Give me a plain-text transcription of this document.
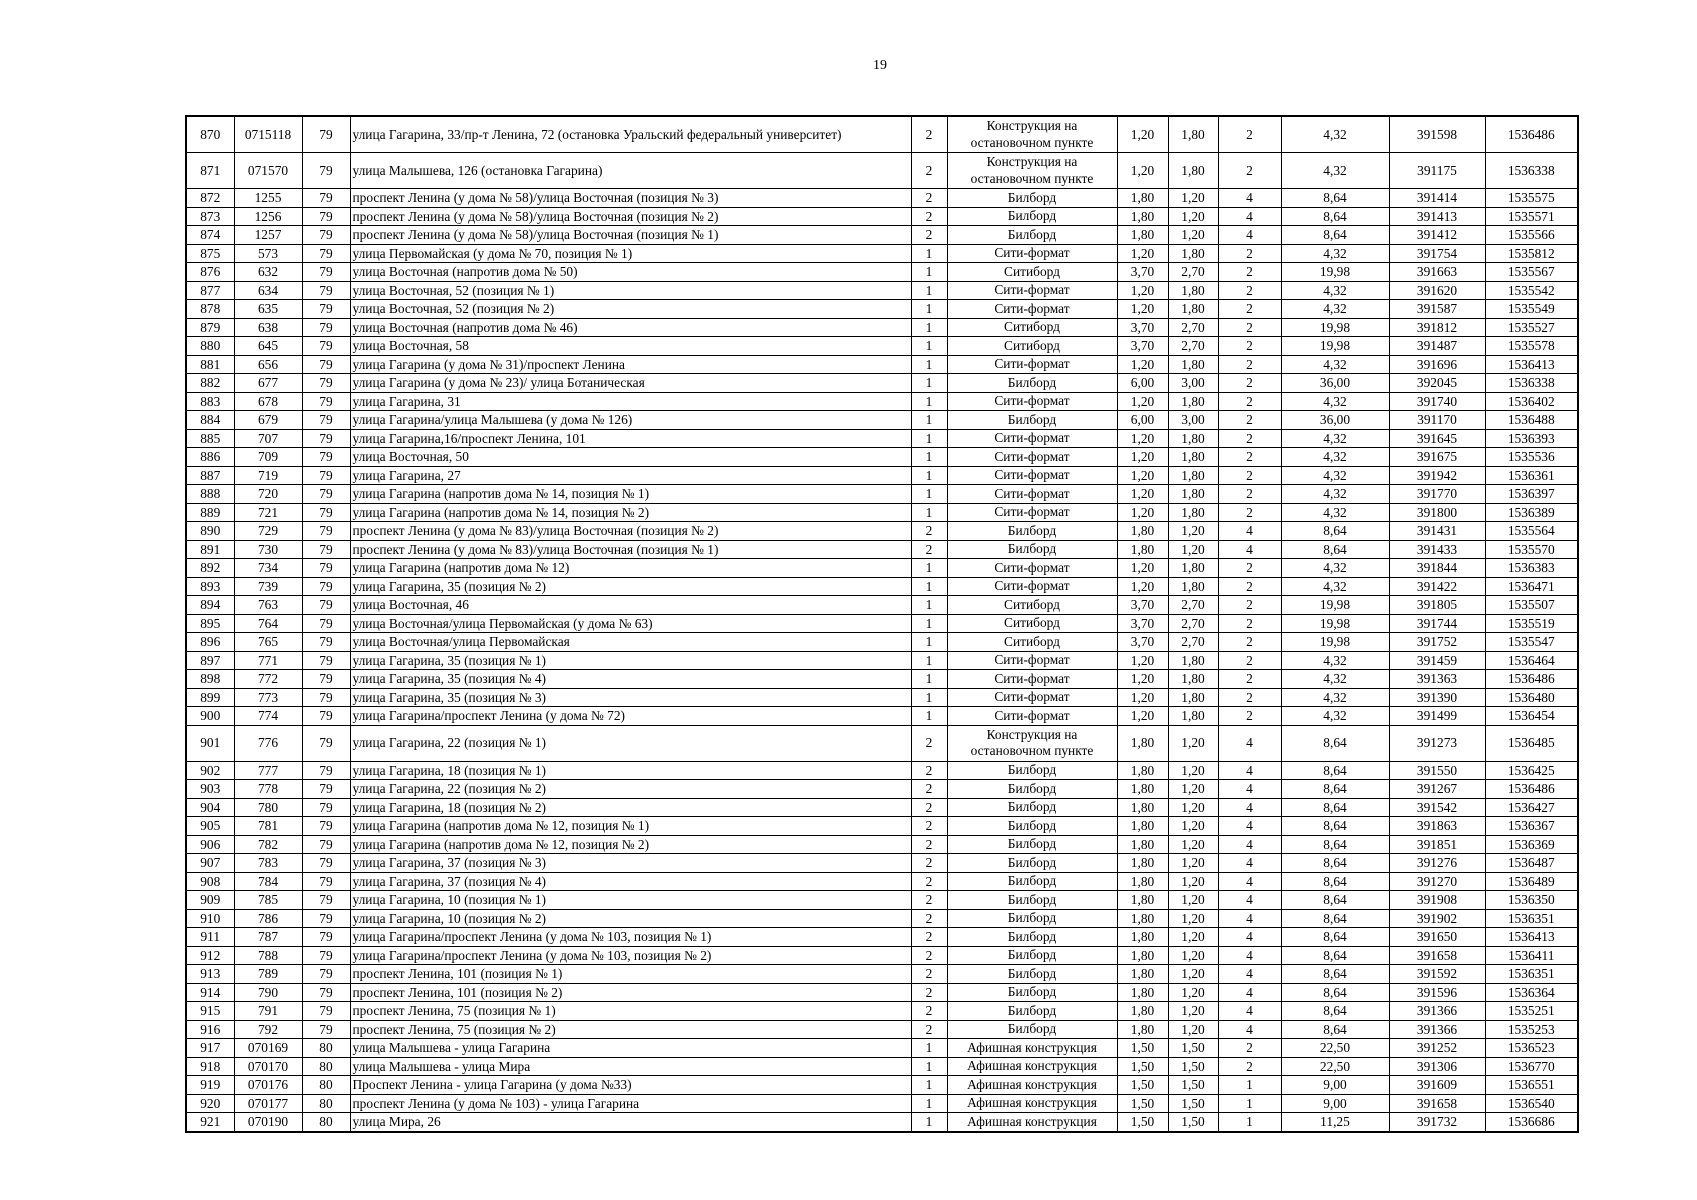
19
870	0715118	79	улица Гагарина, 33/пр-т Ленина, 72 (остановка Уральский федеральный университет)	2	Конструкция на остановочном пункте	1,20	1,80	2	4,32	391598	1536486
871	071570	79	улица Малышева, 126 (остановка Гагарина)	2	Конструкция на остановочном пункте	1,20	1,80	2	4,32	391175	1536338
872	1255	79	проспект Ленина (у дома № 58)/улица Восточная (позиция № 3)	2	Билборд	1,80	1,20	4	8,64	391414	1535575
873	1256	79	проспект Ленина (у дома № 58)/улица Восточная (позиция № 2)	2	Билборд	1,80	1,20	4	8,64	391413	1535571
874	1257	79	проспект Ленина (у дома № 58)/улица Восточная (позиция № 1)	2	Билборд	1,80	1,20	4	8,64	391412	1535566
875	573	79	улица Первомайская (у дома № 70, позиция № 1)	1	Сити-формат	1,20	1,80	2	4,32	391754	1535812
876	632	79	улица Восточная (напротив дома № 50)	1	Ситиборд	3,70	2,70	2	19,98	391663	1535567
877	634	79	улица Восточная, 52 (позиция № 1)	1	Сити-формат	1,20	1,80	2	4,32	391620	1535542
878	635	79	улица Восточная, 52 (позиция № 2)	1	Сити-формат	1,20	1,80	2	4,32	391587	1535549
879	638	79	улица Восточная (напротив дома № 46)	1	Ситиборд	3,70	2,70	2	19,98	391812	1535527
880	645	79	улица Восточная, 58	1	Ситиборд	3,70	2,70	2	19,98	391487	1535578
881	656	79	улица Гагарина (у дома № 31)/проспект Ленина	1	Сити-формат	1,20	1,80	2	4,32	391696	1536413
882	677	79	улица Гагарина (у дома № 23)/ улица Ботаническая	1	Билборд	6,00	3,00	2	36,00	392045	1536338
883	678	79	улица Гагарина, 31	1	Сити-формат	1,20	1,80	2	4,32	391740	1536402
884	679	79	улица Гагарина/улица Малышева (у дома № 126)	1	Билборд	6,00	3,00	2	36,00	391170	1536488
885	707	79	улица Гагарина,16/проспект Ленина, 101	1	Сити-формат	1,20	1,80	2	4,32	391645	1536393
886	709	79	улица Восточная, 50	1	Сити-формат	1,20	1,80	2	4,32	391675	1535536
887	719	79	улица Гагарина, 27	1	Сити-формат	1,20	1,80	2	4,32	391942	1536361
888	720	79	улица Гагарина (напротив дома № 14, позиция № 1)	1	Сити-формат	1,20	1,80	2	4,32	391770	1536397
889	721	79	улица Гагарина (напротив дома № 14, позиция № 2)	1	Сити-формат	1,20	1,80	2	4,32	391800	1536389
890	729	79	проспект Ленина (у дома № 83)/улица Восточная (позиция № 2)	2	Билборд	1,80	1,20	4	8,64	391431	1535564
891	730	79	проспект Ленина (у дома № 83)/улица Восточная (позиция № 1)	2	Билборд	1,80	1,20	4	8,64	391433	1535570
892	734	79	улица Гагарина (напротив дома № 12)	1	Сити-формат	1,20	1,80	2	4,32	391844	1536383
893	739	79	улица Гагарина, 35 (позиция № 2)	1	Сити-формат	1,20	1,80	2	4,32	391422	1536471
894	763	79	улица Восточная, 46	1	Ситиборд	3,70	2,70	2	19,98	391805	1535507
895	764	79	улица Восточная/улица Первомайская (у дома № 63)	1	Ситиборд	3,70	2,70	2	19,98	391744	1535519
896	765	79	улица Восточная/улица Первомайская	1	Ситиборд	3,70	2,70	2	19,98	391752	1535547
897	771	79	улица Гагарина, 35 (позиция № 1)	1	Сити-формат	1,20	1,80	2	4,32	391459	1536464
898	772	79	улица Гагарина, 35 (позиция № 4)	1	Сити-формат	1,20	1,80	2	4,32	391363	1536486
899	773	79	улица Гагарина, 35 (позиция № 3)	1	Сити-формат	1,20	1,80	2	4,32	391390	1536480
900	774	79	улица Гагарина/проспект Ленина (у дома № 72)	1	Сити-формат	1,20	1,80	2	4,32	391499	1536454
901	776	79	улица Гагарина, 22 (позиция № 1)	2	Конструкция на остановочном пункте	1,80	1,20	4	8,64	391273	1536485
902	777	79	улица Гагарина, 18 (позиция № 1)	2	Билборд	1,80	1,20	4	8,64	391550	1536425
903	778	79	улица Гагарина, 22 (позиция № 2)	2	Билборд	1,80	1,20	4	8,64	391267	1536486
904	780	79	улица Гагарина, 18 (позиция № 2)	2	Билборд	1,80	1,20	4	8,64	391542	1536427
905	781	79	улица Гагарина (напротив дома № 12, позиция № 1)	2	Билборд	1,80	1,20	4	8,64	391863	1536367
906	782	79	улица Гагарина (напротив дома № 12, позиция № 2)	2	Билборд	1,80	1,20	4	8,64	391851	1536369
907	783	79	улица Гагарина, 37 (позиция № 3)	2	Билборд	1,80	1,20	4	8,64	391276	1536487
908	784	79	улица Гагарина, 37 (позиция № 4)	2	Билборд	1,80	1,20	4	8,64	391270	1536489
909	785	79	улица Гагарина, 10 (позиция № 1)	2	Билборд	1,80	1,20	4	8,64	391908	1536350
910	786	79	улица Гагарина, 10 (позиция № 2)	2	Билборд	1,80	1,20	4	8,64	391902	1536351
911	787	79	улица Гагарина/проспект Ленина (у дома № 103, позиция № 1)	2	Билборд	1,80	1,20	4	8,64	391650	1536413
912	788	79	улица Гагарина/проспект Ленина (у дома № 103, позиция № 2)	2	Билборд	1,80	1,20	4	8,64	391658	1536411
913	789	79	проспект Ленина, 101 (позиция № 1)	2	Билборд	1,80	1,20	4	8,64	391592	1536351
914	790	79	проспект Ленина, 101 (позиция № 2)	2	Билборд	1,80	1,20	4	8,64	391596	1536364
915	791	79	проспект Ленина, 75 (позиция № 1)	2	Билборд	1,80	1,20	4	8,64	391366	1535251
916	792	79	проспект Ленина, 75 (позиция № 2)	2	Билборд	1,80	1,20	4	8,64	391366	1535253
917	070169	80	улица Малышева - улица Гагарина	1	Афишная конструкция	1,50	1,50	2	22,50	391252	1536523
918	070170	80	улица Малышева - улица Мира	1	Афишная конструкция	1,50	1,50	2	22,50	391306	1536770
919	070176	80	Проспект Ленина - улица Гагарина (у дома №33)	1	Афишная конструкция	1,50	1,50	1	9,00	391609	1536551
920	070177	80	проспект Ленина (у дома № 103) - улица Гагарина	1	Афишная конструкция	1,50	1,50	1	9,00	391658	1536540
921	070190	80	улица Мира, 26	1	Афишная конструкция	1,50	1,50	1	11,25	391732	1536686
